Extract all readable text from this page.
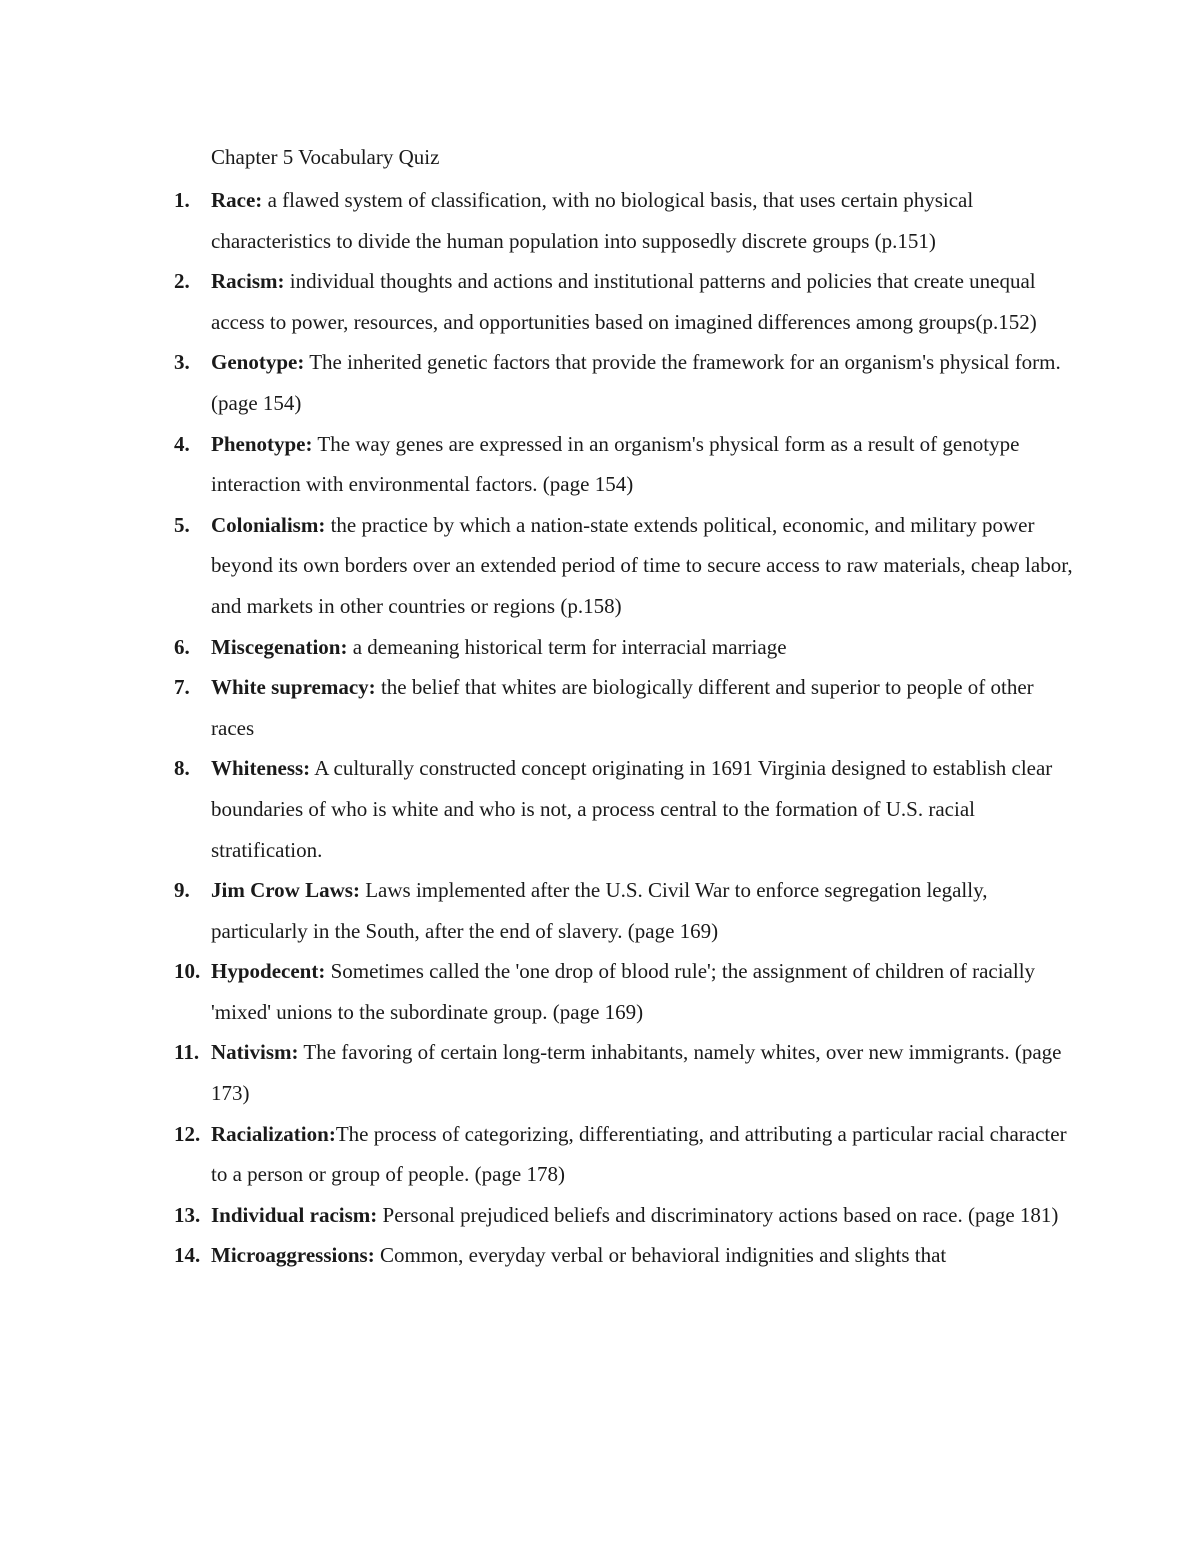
Chapter 5 Vocabulary Quiz
1. Race: a flawed system of classification, with no biological basis, that uses certain physical characteristics to divide the human population into supposedly discrete groups (p.151)
2. Racism: individual thoughts and actions and institutional patterns and policies that create unequal access to power, resources, and opportunities based on imagined differences among groups(p.152)
3. Genotype: The inherited genetic factors that provide the framework for an organism's physical form. (page 154)
4. Phenotype: The way genes are expressed in an organism's physical form as a result of genotype interaction with environmental factors. (page 154)
5. Colonialism: the practice by which a nation-state extends political, economic, and military power beyond its own borders over an extended period of time to secure access to raw materials, cheap labor, and markets in other countries or regions (p.158)
6. Miscegenation: a demeaning historical term for interracial marriage
7. White supremacy: the belief that whites are biologically different and superior to people of other races
8. Whiteness: A culturally constructed concept originating in 1691 Virginia designed to establish clear boundaries of who is white and who is not, a process central to the formation of U.S. racial stratification.
9. Jim Crow Laws: Laws implemented after the U.S. Civil War to enforce segregation legally, particularly in the South, after the end of slavery. (page 169)
10. Hypodecent: Sometimes called the 'one drop of blood rule'; the assignment of children of racially 'mixed' unions to the subordinate group. (page 169)
11. Nativism: The favoring of certain long-term inhabitants, namely whites, over new immigrants. (page 173)
12. Racialization:The process of categorizing, differentiating, and attributing a particular racial character to a person or group of people. (page 178)
13. Individual racism: Personal prejudiced beliefs and discriminatory actions based on race. (page 181)
14. Microaggressions: Common, everyday verbal or behavioral indignities and slights that
